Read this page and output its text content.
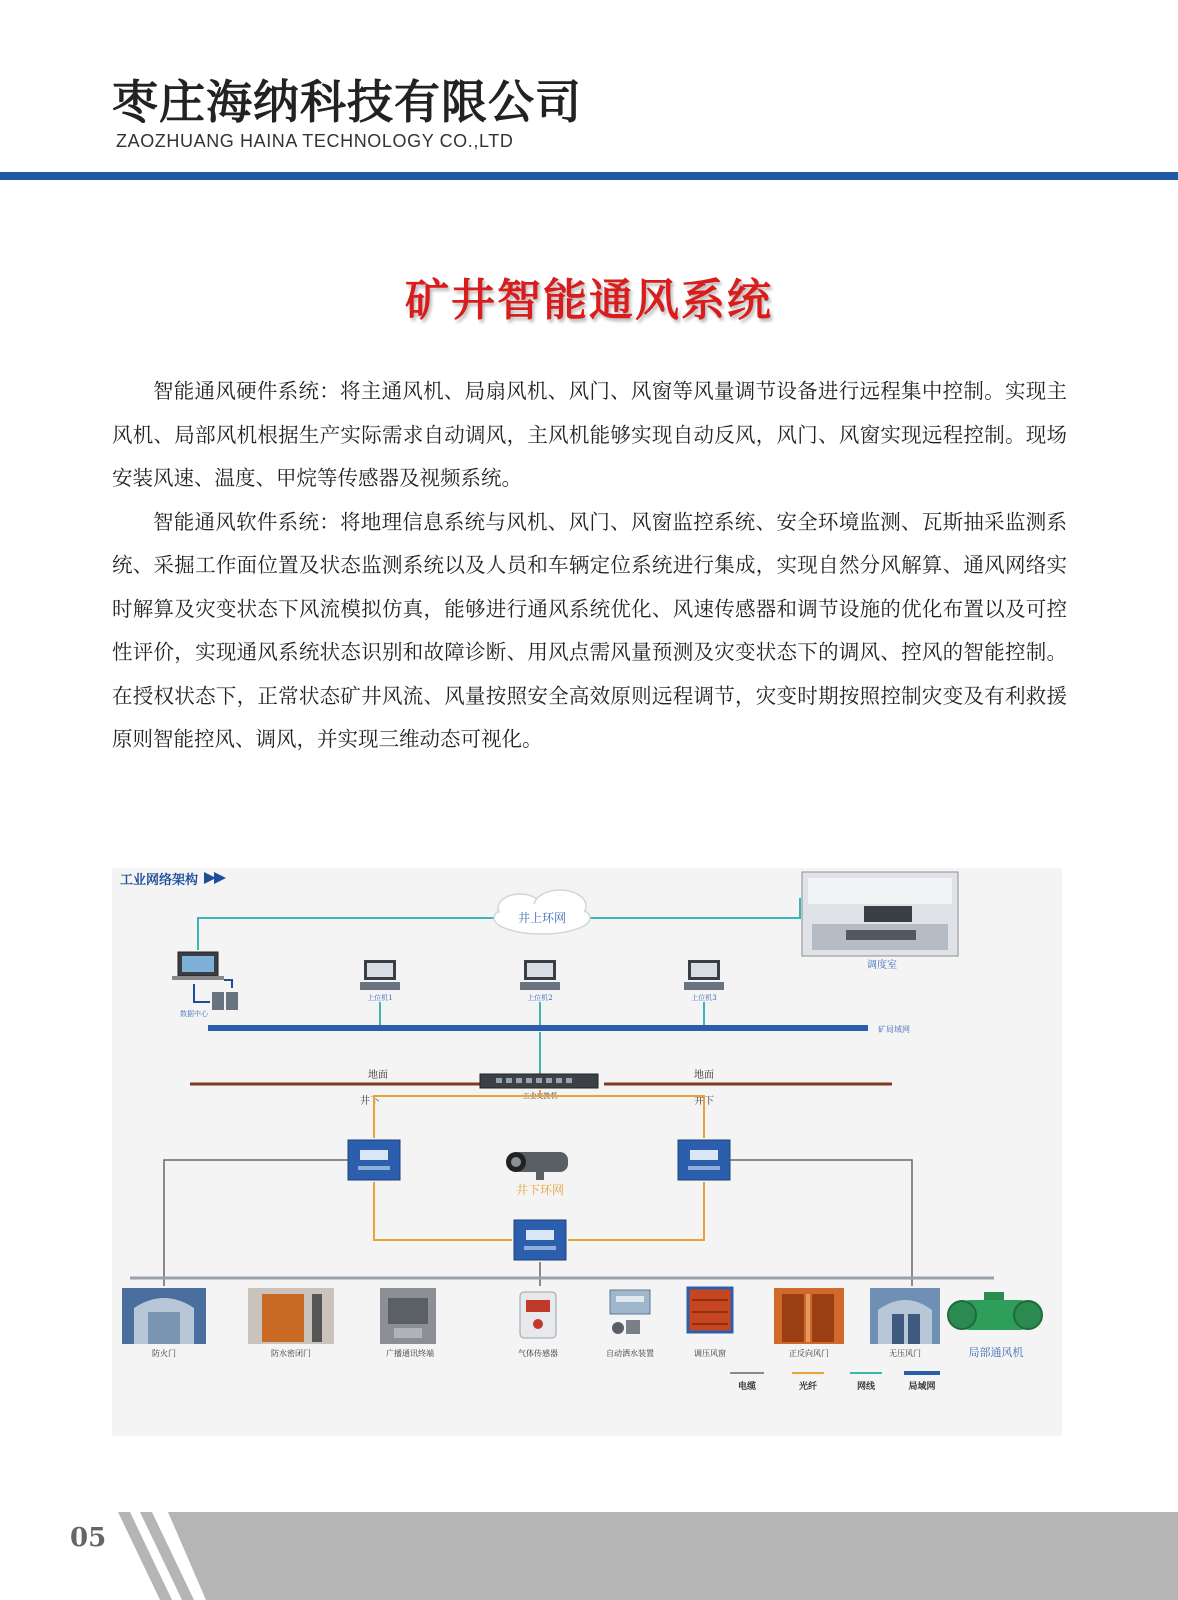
枣庄海纳科技有限公司
ZAOZHUANG HAINA TECHNOLOGY CO.,LTD
矿井智能通风系统

智能通风硬件系统：将主通风机、局扇风机、风门、风窗等风量调节设备进行远程集中控制。实现主风机、局部风机根据生产实际需求自动调风，主风机能够实现自动反风，风门、风窗实现远程控制。现场安装风速、温度、甲烷等传感器及视频系统。

智能通风软件系统：将地理信息系统与风机、风门、风窗监控系统、安全环境监测、瓦斯抽采监测系统、采掘工作面位置及状态监测系统以及人员和车辆定位系统进行集成，实现自然分风解算、通风网络实时解算及灾变状态下风流模拟仿真，能够进行通风系统优化、风速传感器和调节设施的优化布置以及可控性评价，实现通风系统状态识别和故障诊断、用风点需风量预测及灾变状态下的调风、控风的智能控制。在授权状态下，正常状态矿井风流、风量按照安全高效原则远程调节，灾变时期按照控制灾变及有利救援原则智能控风、调风，并实现三维动态可视化。

工业网络架构
井上环网
调度室
数据中心
上位机1	上位机2	上位机3
矿局域网
地面
井下
地面
井下
工业交换机
井下环网
防火门	防水密闭门	广播通讯终端	气体传感器	自动洒水装置	调压风窗	正反向风门	无压风门	局部通风机
电缆	光纤	网线	局域网
05
